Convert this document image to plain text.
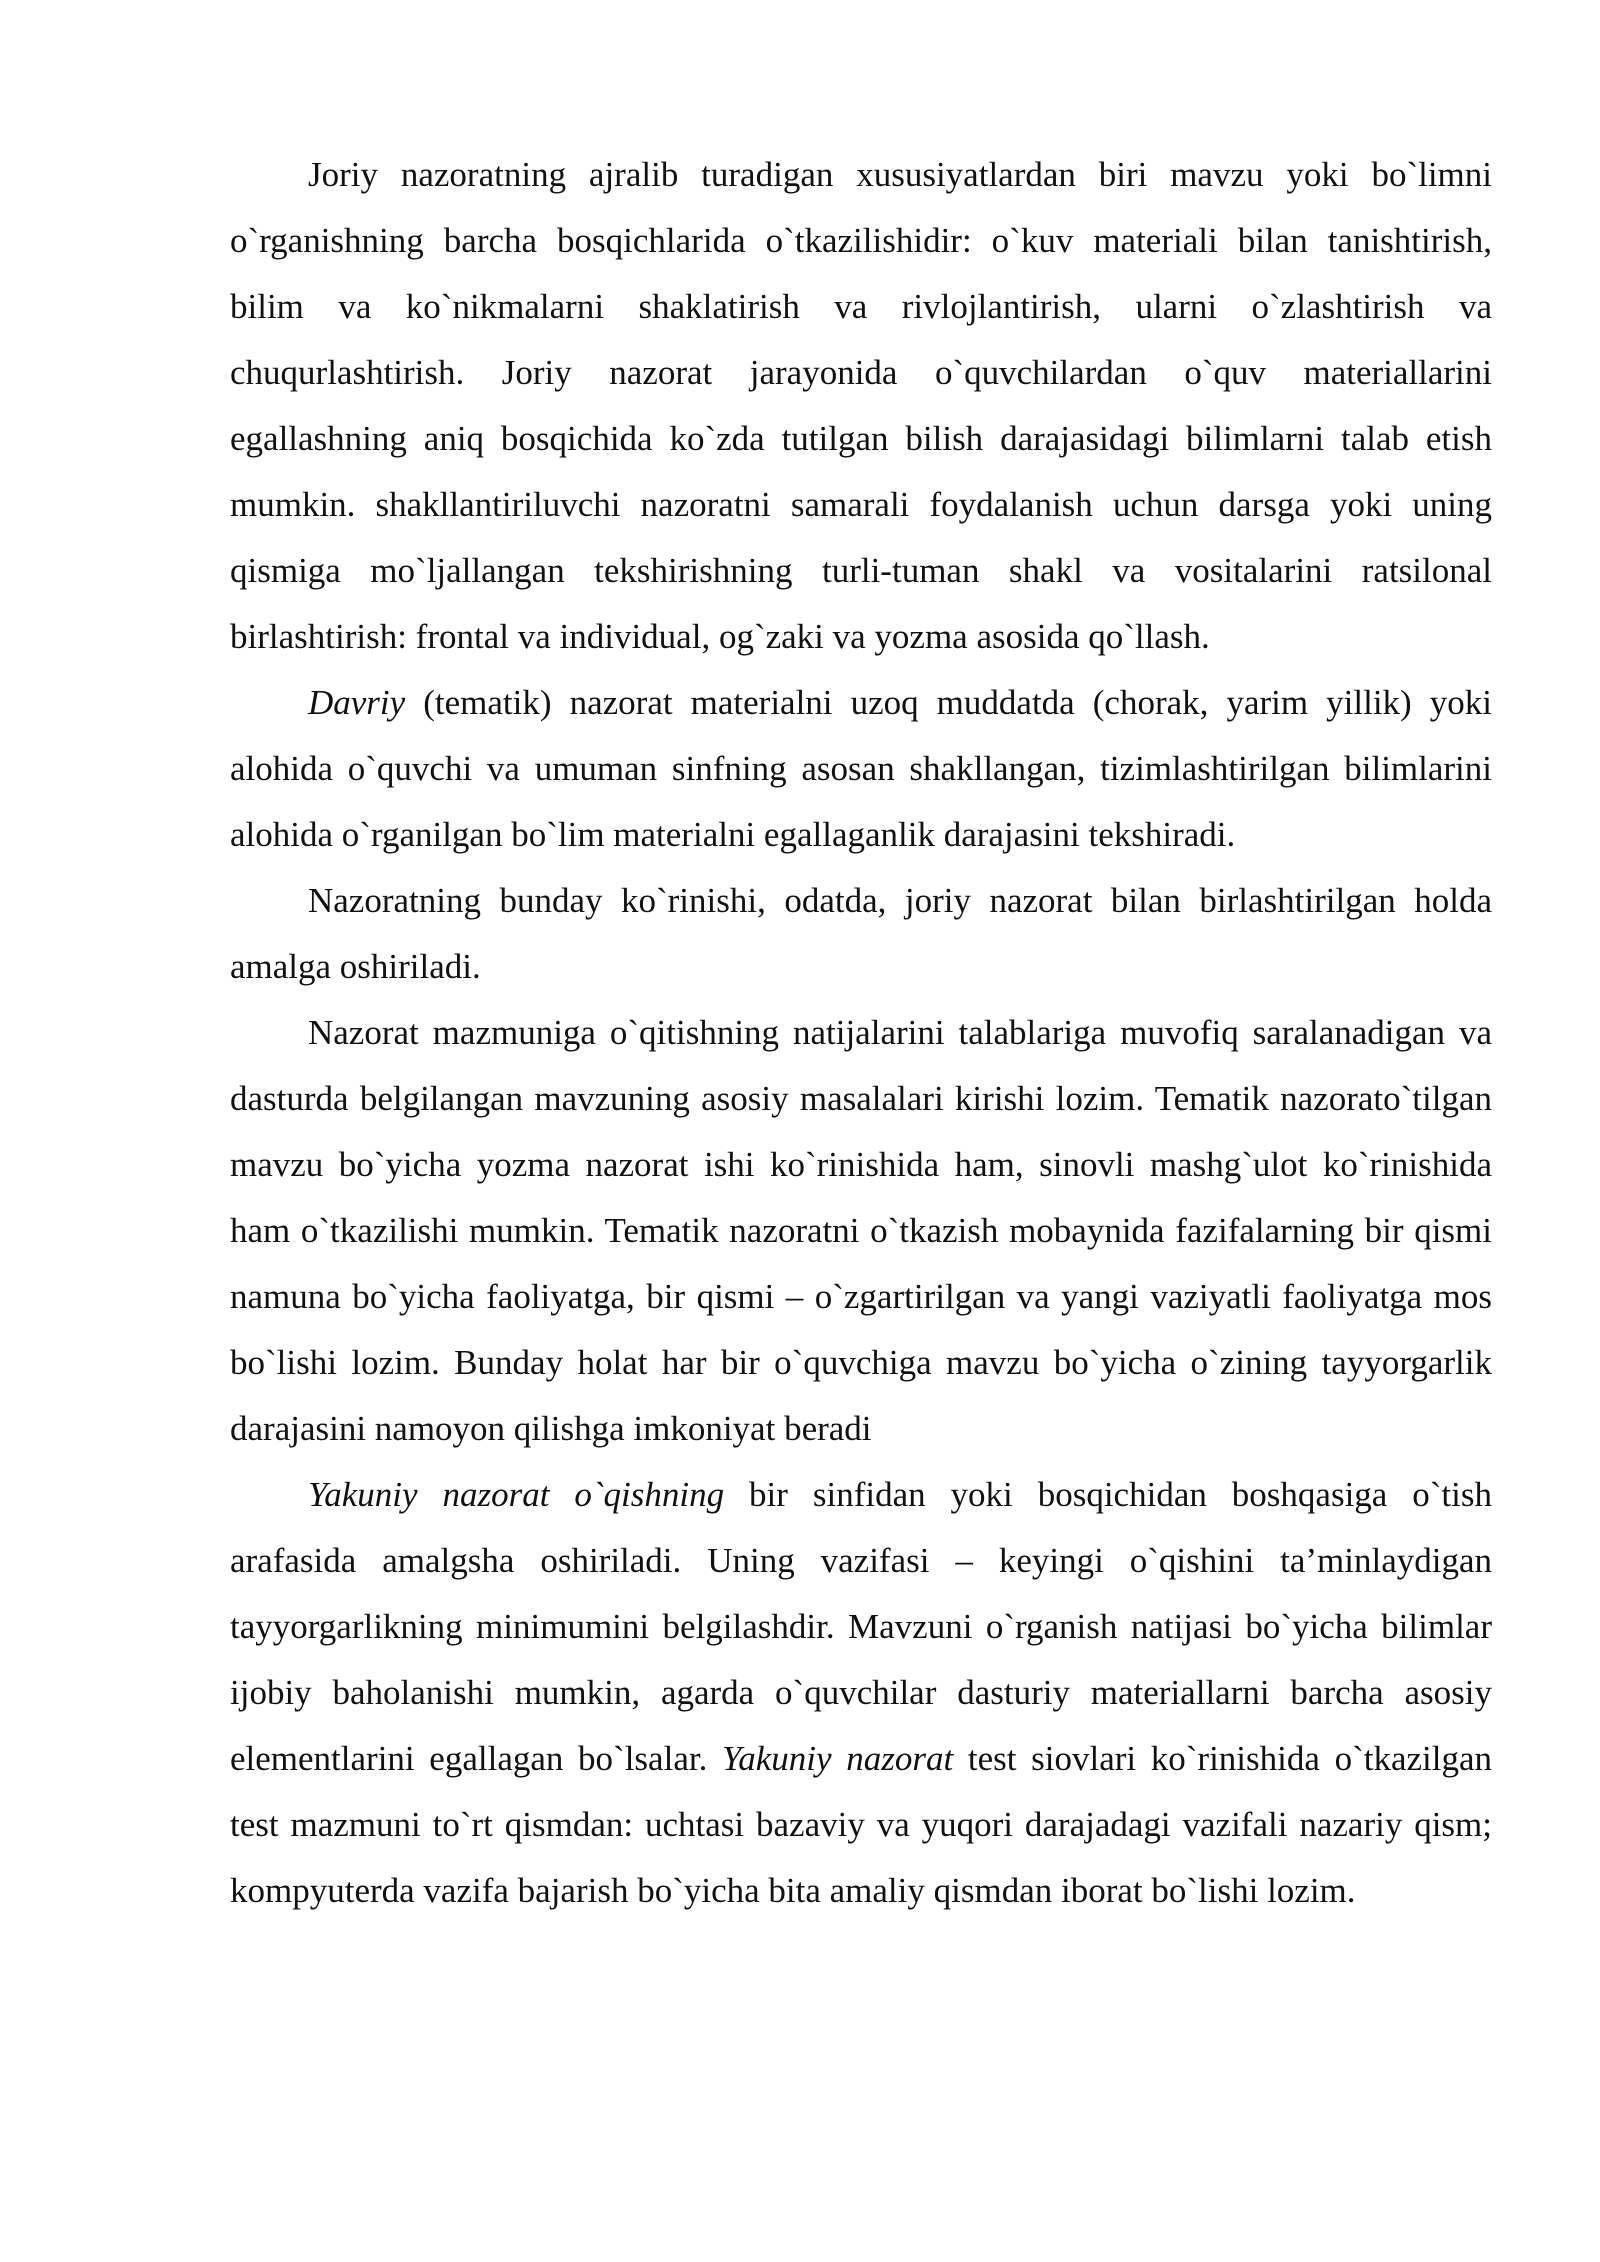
Joriy nazoratning ajralib turadigan xususiyatlardan biri mavzu yoki bo`limni o`rganishning barcha bosqichlarida o`tkazilishidir: o`kuv materiali bilan tanishtirish, bilim va ko`nikmalarni shaklatirish va rivlojlantirish, ularni o`zlashtirish va chuqurlashtirish. Joriy nazorat jarayonida o`quvchilardan o`quv materiallarini egallashning aniq bosqichida ko`zda tutilgan bilish darajasidagi bilimlarni talab etish mumkin. shakllantiriluvchi nazoratni samarali foydalanish uchun darsga yoki uning qismiga mo`ljallangan tekshirishning turli-tuman shakl va vositalarini ratsilonal birlashtirish: frontal va individual, og`zaki va yozma asosida qo`llash.

Davriy (tematik) nazorat materialni uzoq muddatda (chorak, yarim yillik) yoki alohida o`quvchi va umuman sinfning asosan shakllangan, tizimlashtirilgan bilimlarini alohida o`rganilgan bo`lim materialni egallaganlik darajasini tekshiradi.

Nazoratning bunday ko`rinishi, odatda, joriy nazorat bilan birlashtirilgan holda amalga oshiriladi.

Nazorat mazmuniga o`qitishning natijalarini talablariga muvofiq saralanadigan va dasturda belgilangan mavzuning asosiy masalalari kirishi lozim. Tematik nazorato`tilgan mavzu bo`yicha yozma nazorat ishi ko`rinishida ham, sinovli mashg`ulot ko`rinishida ham o`tkazilishi mumkin. Tematik nazoratni o`tkazish mobaynida fazifalarning bir qismi namuna bo`yicha faoliyatga, bir qismi – o`zgartirilgan va yangi vaziyatli faoliyatga mos bo`lishi lozim. Bunday holat har bir o`quvchiga mavzu bo`yicha o`zining tayyorgarlik darajasini namoyon qilishga imkoniyat beradi

Yakuniy nazorat o`qishning bir sinfidan yoki bosqichidan boshqasiga o`tish arafasida amalgsha oshiriladi. Uning vazifasi – keyingi o`qishini ta’minlaydigan tayyorgarlikning minimumini belgilashdir. Mavzuni o`rganish natijasi bo`yicha bilimlar ijobiy baholanishi mumkin, agarda o`quvchilar dasturiy materiallarni barcha asosiy elementlarini egallagan bo`lsalar. Yakuniy nazorat test siovlari ko`rinishida o`tkazilgan test mazmuni to`rt qismdan: uchtasi bazaviy va yuqori darajadagi vazifali nazariy qism; kompyuterda vazifa bajarish bo`yicha bita amaliy qismdan iborat bo`lishi lozim.
